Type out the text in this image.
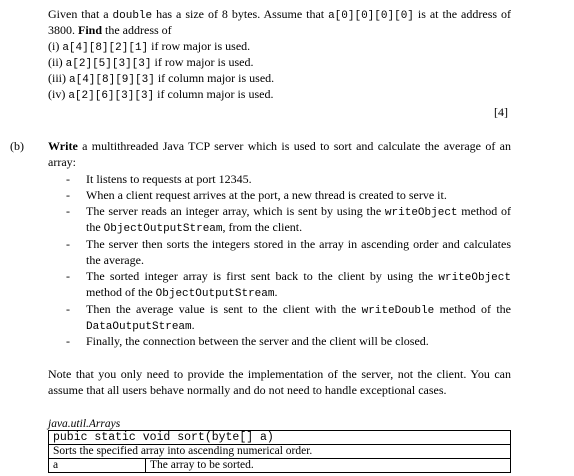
Given that a double has a size of 8 bytes. Assume that a[0][0][0][0] is at the address of
3800. Find the address of
(i) a[4][8][2][1] if row major is used.
(ii) a[2][5][3][3] if row major is used.
(iii) a[4][8][9][3] if column major is used.
(iv) a[2][6][3][3] if column major is used.
[4]
(b) Write a multithreaded Java TCP server which is used to sort and calculate the average of an
array:
- It listens to requests at port 12345.
- When a client request arrives at the port, a new thread is created to serve it.
- The server reads an integer array, which is sent by using the writeObject method of
the ObjectOutputStream, from the client.
- The server then sorts the integers stored in the array in ascending order and calculates
the average.
- The sorted integer array is first sent back to the client by using the writeObject
method of the ObjectOutputStream.
- Then the average value is sent to the client with the writeDouble method of the
DataOutputStream.
- Finally, the connection between the server and the client will be closed.
Note that you only need to provide the implementation of the server, not the client. You can
assume that all users behave normally and do not need to handle exceptional cases.
java.util.Arrays
pubic static void sort(byte[] a)
Sorts the specified array into ascending numerical order.
a	The array to be sorted.
